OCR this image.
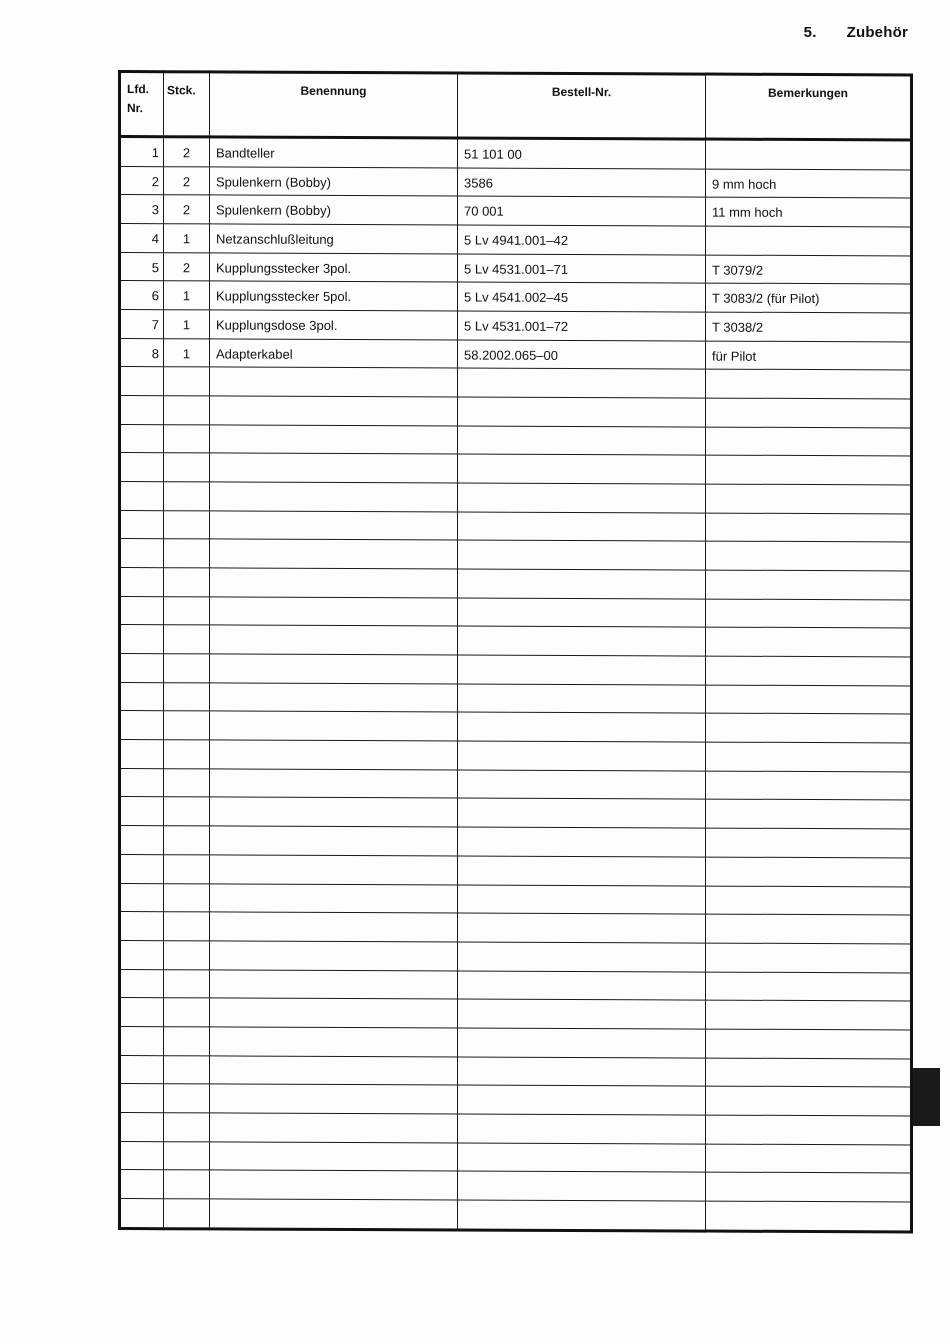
5. Zubehör
Lfd.
Nr.	Stck.	Benennung	Bestell-Nr.	Bemerkungen
1	2	Bandteller	51 101 00	
2	2	Spulenkern (Bobby)	3586	9 mm hoch
3	2	Spulenkern (Bobby)	70 001	11 mm hoch
4	1	Netzanschlußleitung	5 Lv 4941.001–42	
5	2	Kupplungsstecker 3pol.	5 Lv 4531.001–71	T 3079/2
6	1	Kupplungsstecker 5pol.	5 Lv 4541.002–45	T 3083/2 (für Pilot)
7	1	Kupplungsdose 3pol.	5 Lv 4531.001–72	T 3038/2
8	1	Adapterkabel	58.2002.065–00	für Pilot
